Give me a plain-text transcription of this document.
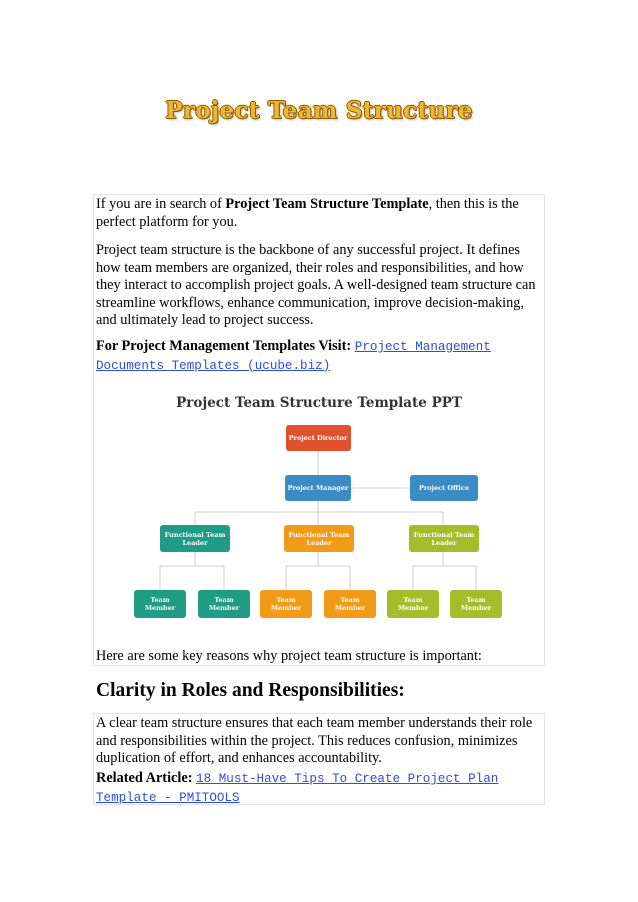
Project Team Structure

If you are in search of Project Team Structure Template, then this is the perfect platform for you.

Project team structure is the backbone of any successful project. It defines how team members are organized, their roles and responsibilities, and how they interact to accomplish project goals. A well-designed team structure can streamline workflows, enhance communication, improve decision-making, and ultimately lead to project success.

For Project Management Templates Visit: Project Management Documents Templates (ucube.biz)

Project Team Structure Template PPT
Project Director
Project Manager	Project Office
Functional Team
Leader
Functional Team
Leader
Functional Team
Leader
Team
Member
Team
Member
Team
Member
Team
Member
Team
Member
Team
Member

Here are some key reasons why project team structure is important:

Clarity in Roles and Responsibilities:

A clear team structure ensures that each team member understands their role and responsibilities within the project. This reduces confusion, minimizes duplication of effort, and enhances accountability.

Related Article: 18 Must-Have Tips To Create Project Plan Template - PMITOOLS
